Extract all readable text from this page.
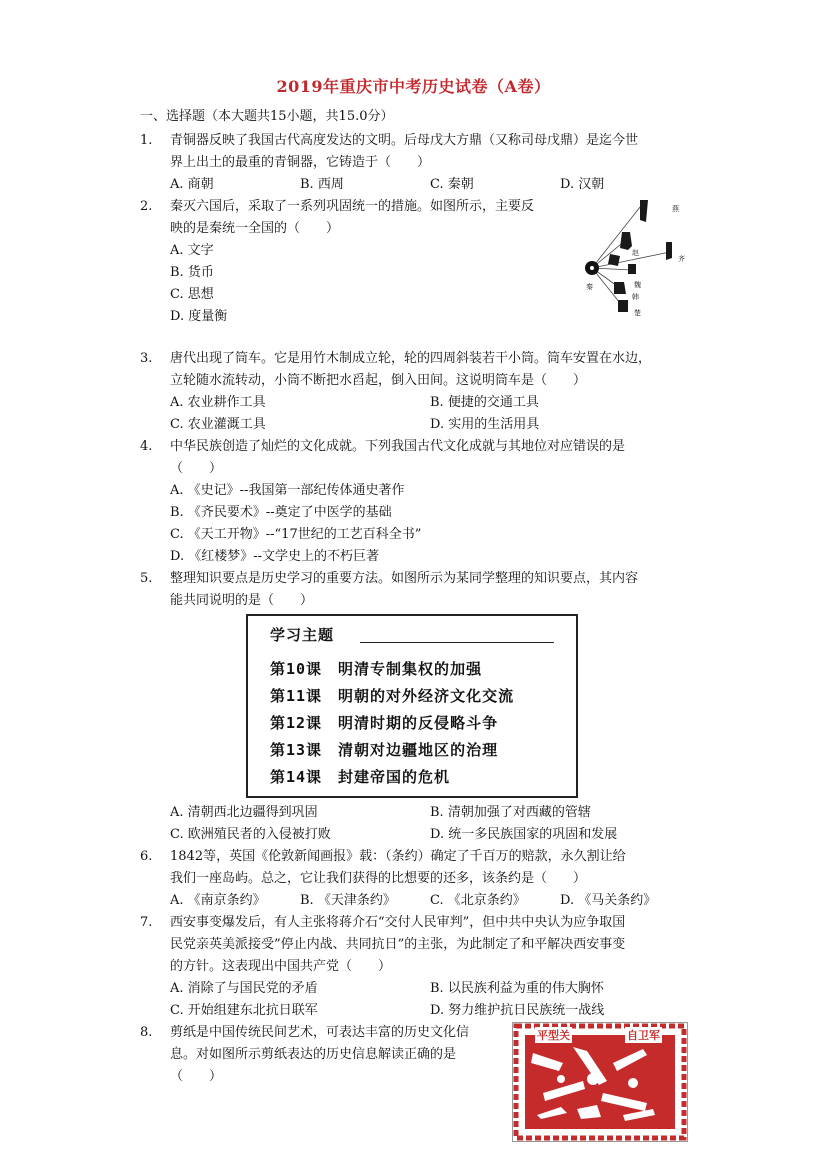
2019年重庆市中考历史试卷（A卷）
一、选择题（本大题共15小题，共15.0分）
1. 青铜器反映了我国古代高度发达的文明。后母戊大方鼎（又称司母戊鼎）是迄今世
界上出土的最重的青铜器，它铸造于（　　）
A. 商朝	B. 西周	C. 秦朝	D. 汉朝
2. 秦灭六国后，采取了一系列巩固统一的措施。如图所示，主要反
映的是秦统一全国的（　　）
A. 文字
B. 货币
C. 思想
D. 度量衡
燕
赵
齐
秦	魏
韩
楚
3. 唐代出现了筒车。它是用竹木制成立轮，轮的四周斜装若干小筒。筒车安置在水边，
立轮随水流转动，小筒不断把水舀起，倒入田间。这说明筒车是（　　）
A. 农业耕作工具	B. 便捷的交通工具
C. 农业灌溉工具	D. 实用的生活用具
4. 中华民族创造了灿烂的文化成就。下列我国古代文化成就与其地位对应错误的是
（　　）
A. 《史记》--我国第一部纪传体通史著作
B. 《齐民要术》--奠定了中医学的基础
C. 《天工开物》--“17世纪的工艺百科全书”
D. 《红楼梦》--文学史上的不朽巨著
5. 整理知识要点是历史学习的重要方法。如图所示为某同学整理的知识要点，其内容
能共同说明的是（　　）
学习主题
第10课　明清专制集权的加强
第11课　明朝的对外经济文化交流
第12课　明清时期的反侵略斗争
第13课　清朝对边疆地区的治理
第14课　封建帝国的危机
A. 清朝西北边疆得到巩固	B. 清朝加强了对西藏的管辖
C. 欧洲殖民者的入侵被打败	D. 统一多民族国家的巩固和发展
6. 1842等，英国《伦敦新闻画报》载：（条约）确定了千百万的赔款，永久割让给
我们一座岛屿。总之，它让我们获得的比想要的还多，该条约是（　　）
A. 《南京条约》	B. 《天津条约》	C. 《北京条约》	D. 《马关条约》
7. 西安事变爆发后，有人主张将蒋介石“交付人民审判”，但中共中央认为应争取国
民党亲英美派接受”停止内战、共同抗日”的主张，为此制定了和平解决西安事变
的方针。这表现出中国共产党（　　）
A. 消除了与国民党的矛盾	B. 以民族利益为重的伟大胸怀
C. 开始组建东北抗日联军	D. 努力维护抗日民族统一战线
8. 剪纸是中国传统民间艺术，可表达丰富的历史文化信
息。对如图所示剪纸表达的历史信息解读正确的是
（　　）
平型关	自卫军
